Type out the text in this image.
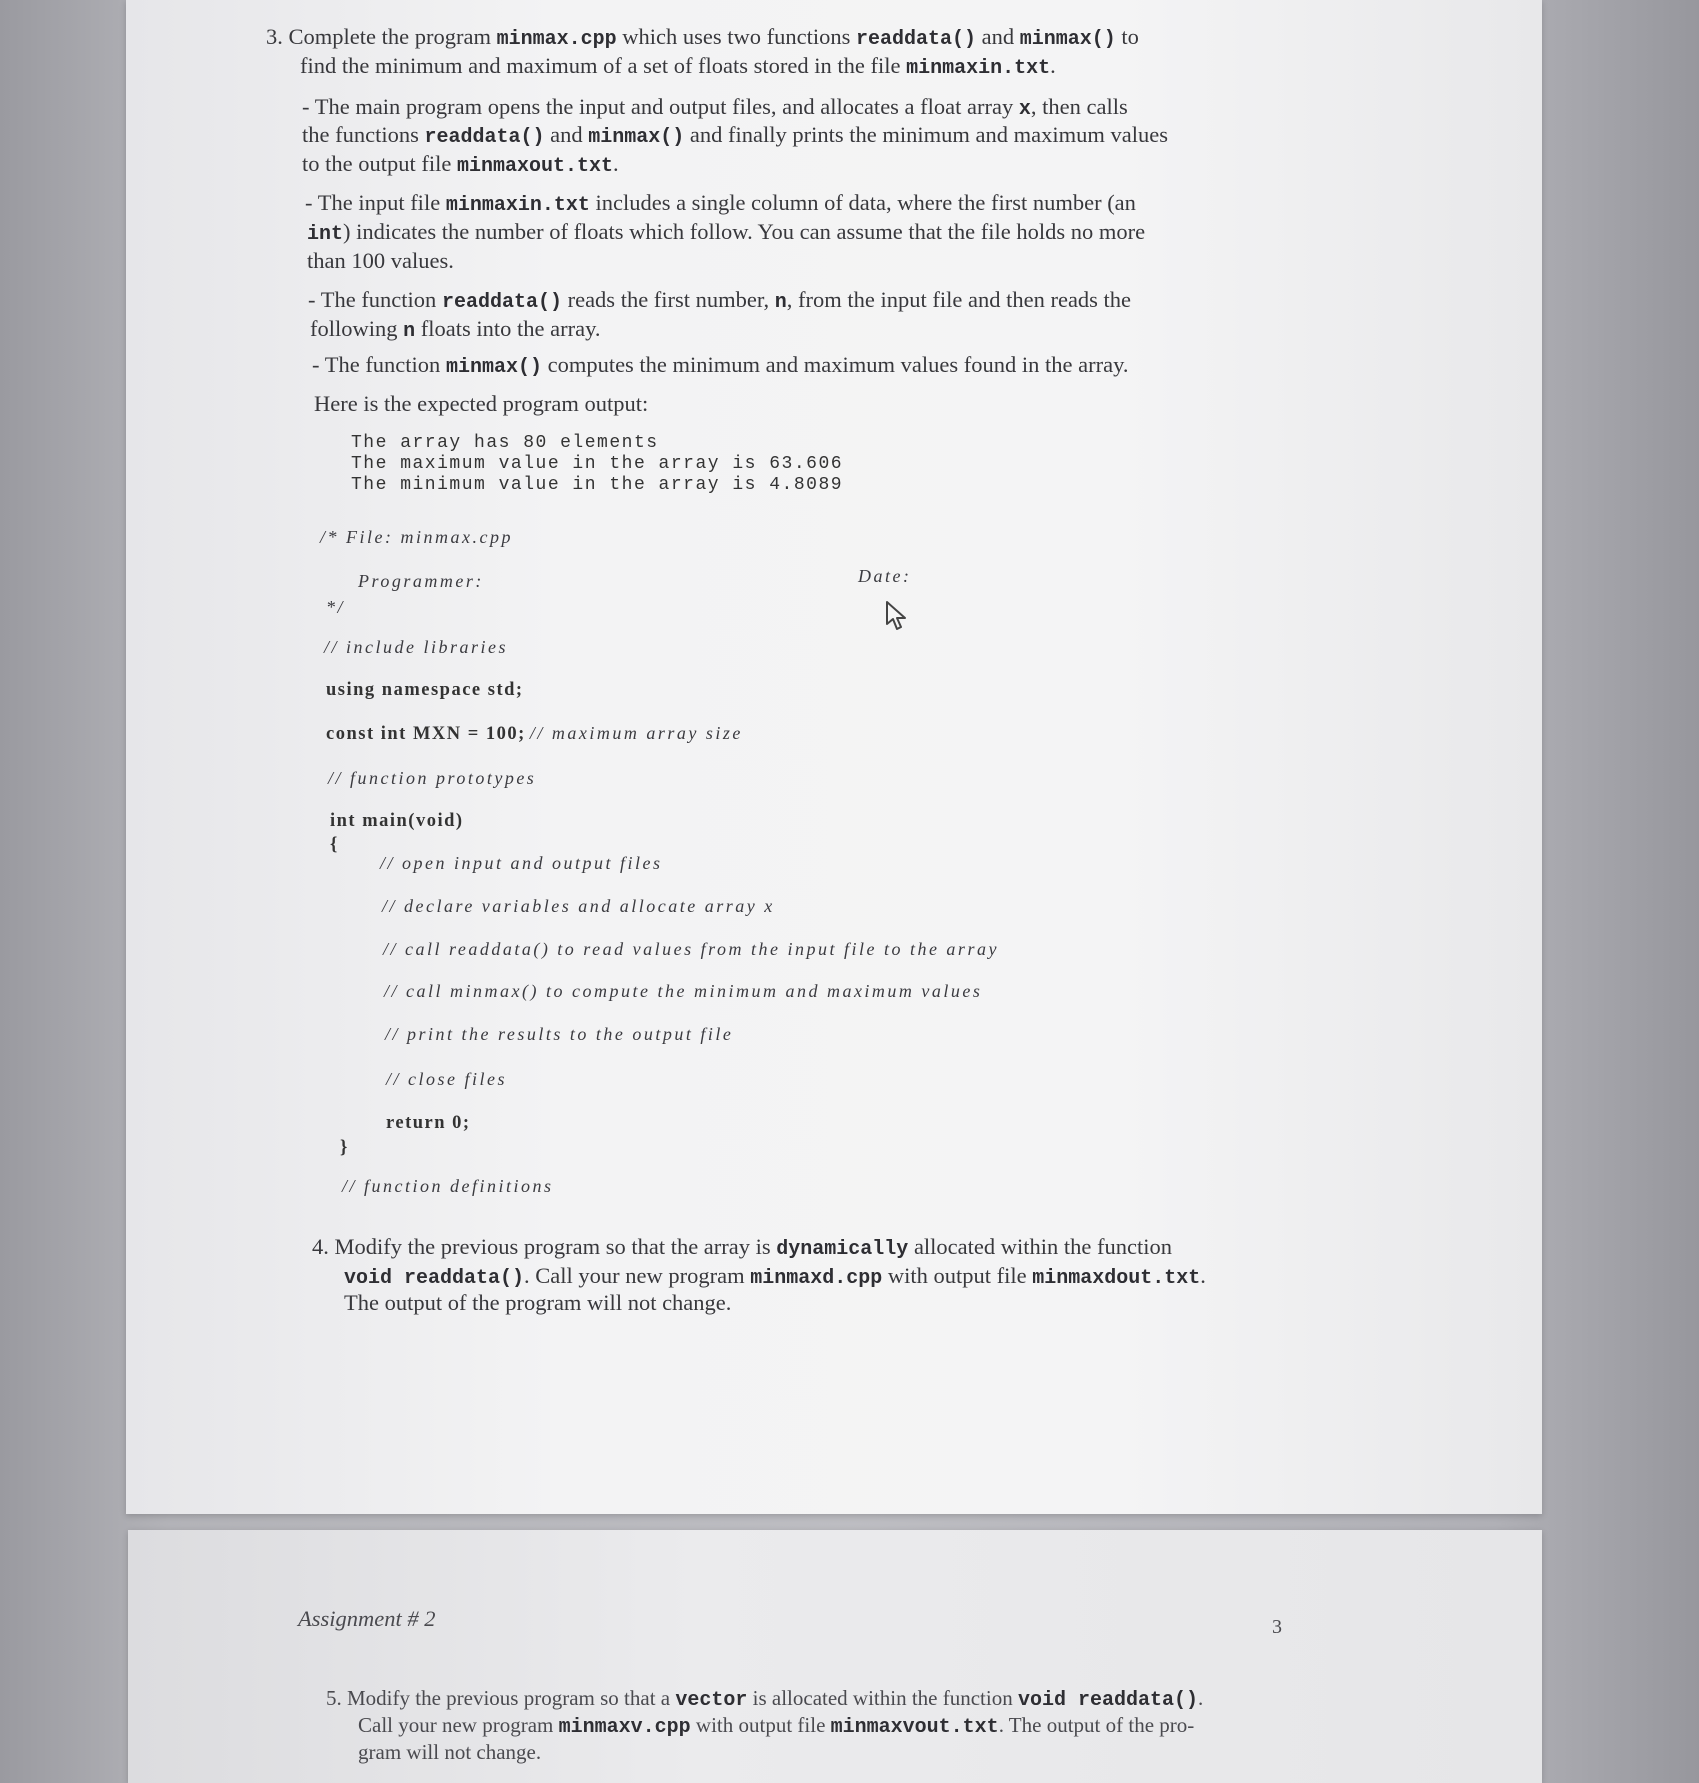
3. Complete the program minmax.cpp which uses two functions readdata() and minmax() to
find the minimum and maximum of a set of floats stored in the file minmaxin.txt.
- The main program opens the input and output files, and allocates a float array x, then calls
the functions readdata() and minmax() and finally prints the minimum and maximum values
to the output file minmaxout.txt.
- The input file minmaxin.txt includes a single column of data, where the first number (an
int) indicates the number of floats which follow. You can assume that the file holds no more
than 100 values.
- The function readdata() reads the first number, n, from the input file and then reads the
following n floats into the array.
- The function minmax() computes the minimum and maximum values found in the array.
Here is the expected program output:
The array has 80 elements
The maximum value in the array is 63.606
The minimum value in the array is 4.8089
/* File: minmax.cpp
Programmer:	Date:
*/
// include libraries
using namespace std;
const int MXN = 100; // maximum array size
// function prototypes
int main(void)
{
// open input and output files
// declare variables and allocate array x
// call readdata() to read values from the input file to the array
// call minmax() to compute the minimum and maximum values
// print the results to the output file
// close files
return 0;
}
// function definitions
4. Modify the previous program so that the array is dynamically allocated within the function
void readdata(). Call your new program minmaxd.cpp with output file minmaxdout.txt.
The output of the program will not change.
Assignment # 2	3
5. Modify the previous program so that a vector is allocated within the function void readdata().
Call your new program minmaxv.cpp with output file minmaxvout.txt. The output of the pro-
gram will not change.
